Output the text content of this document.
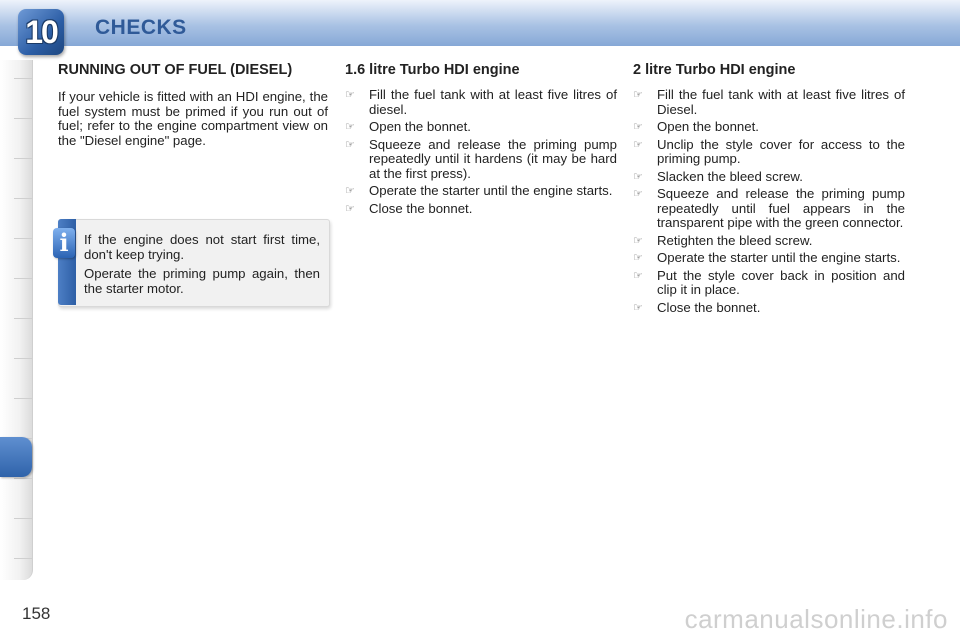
10	CHECKS
RUNNING OUT OF FUEL (DIESEL)

If your vehicle is fitted with an HDI engine, the fuel system must be primed if you run out of fuel; refer to the engine compartment view on the "Diesel engine" page.

i	If the engine does not start first time, don't keep trying.

Operate the priming pump again, then the starter motor.

1.6 litre Turbo HDI engine
☞	Fill the fuel tank with at least five litres of diesel.
☞	Open the bonnet.
☞	Squeeze and release the priming pump repeatedly until it hardens (it may be hard at the first press).
☞	Operate the starter until the engine starts.
☞	Close the bonnet.
2 litre Turbo HDI engine
☞	Fill the fuel tank with at least five litres of Diesel.
☞	Open the bonnet.
☞	Unclip the style cover for access to the priming pump.
☞	Slacken the bleed screw.
☞	Squeeze and release the priming pump repeatedly until fuel appears in the transparent pipe with the green connector.
☞	Retighten the bleed screw.
☞	Operate the starter until the engine starts.
☞	Put the style cover back in position and clip it in place.
☞	Close the bonnet.
158	carmanualsonline.info
